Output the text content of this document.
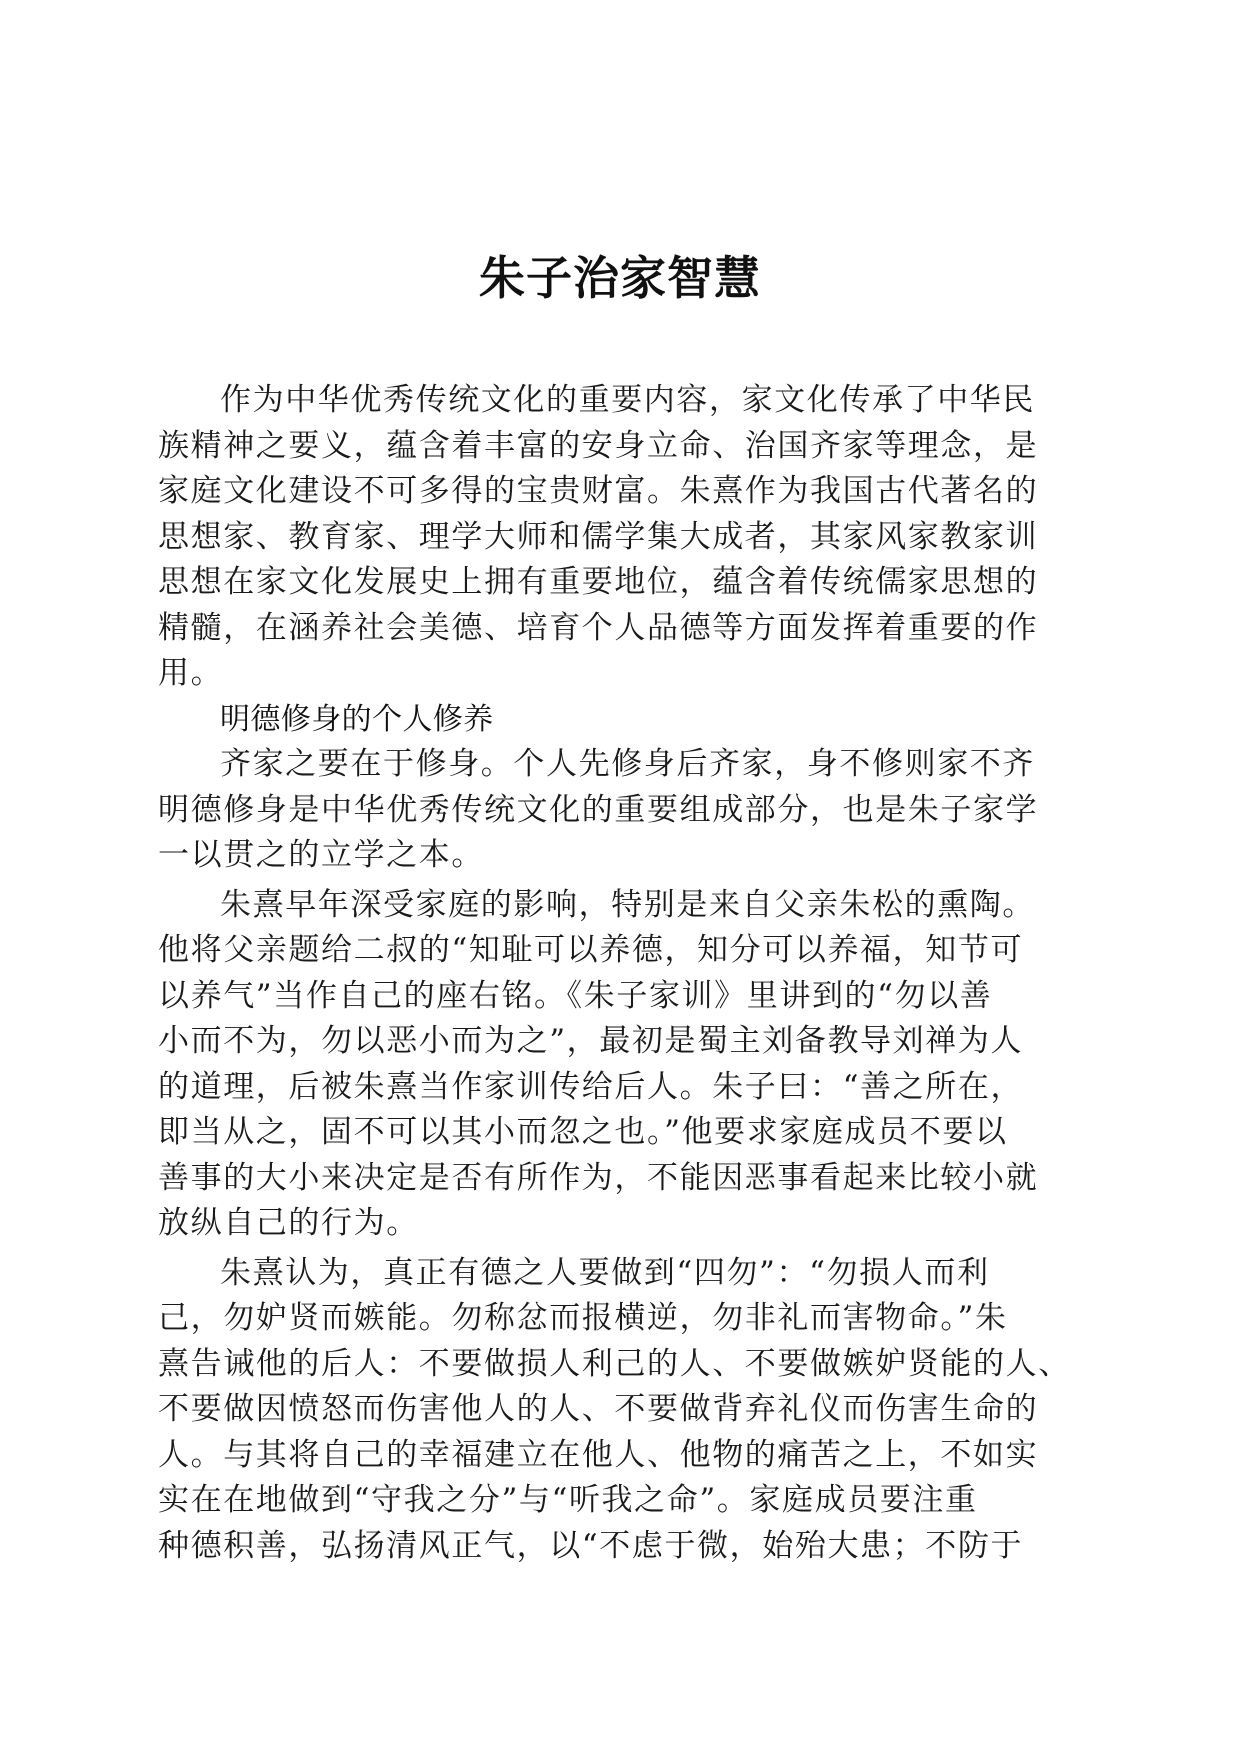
朱子治家智慧
作为中华优秀传统文化的重要内容，家文化传承了中华民
族精神之要义，蕴含着丰富的安身立命、治国齐家等理念，是
家庭文化建设不可多得的宝贵财富。朱熹作为我国古代著名的
思想家、教育家、理学大师和儒学集大成者，其家风家教家训
思想在家文化发展史上拥有重要地位，蕴含着传统儒家思想的
精髓，在涵养社会美德、培育个人品德等方面发挥着重要的作
用。
明德修身的个人修养
齐家之要在于修身。个人先修身后齐家，身不修则家不齐
明德修身是中华优秀传统文化的重要组成部分，也是朱子家学
一以贯之的立学之本。
朱熹早年深受家庭的影响，特别是来自父亲朱松的熏陶。
他将父亲题给二叔的“知耻可以养德，知分可以养福，知节可
以养气”当作自己的座右铭。《朱子家训》里讲到的“勿以善
小而不为，勿以恶小而为之”，最初是蜀主刘备教导刘禅为人
的道理，后被朱熹当作家训传给后人。朱子曰：“善之所在，
即当从之，固不可以其小而忽之也。”他要求家庭成员不要以
善事的大小来决定是否有所作为，不能因恶事看起来比较小就
放纵自己的行为。
朱熹认为，真正有德之人要做到“四勿”：“勿损人而利
己，勿妒贤而嫉能。勿称忿而报横逆，勿非礼而害物命。”朱
熹告诫他的后人：不要做损人利己的人、不要做嫉妒贤能的人、
不要做因愤怒而伤害他人的人、不要做背弃礼仪而伤害生命的
人。与其将自己的幸福建立在他人、他物的痛苦之上，不如实
实在在地做到“守我之分”与“听我之命”。家庭成员要注重
种德积善，弘扬清风正气，以“不虑于微，始殆大患；不防于
